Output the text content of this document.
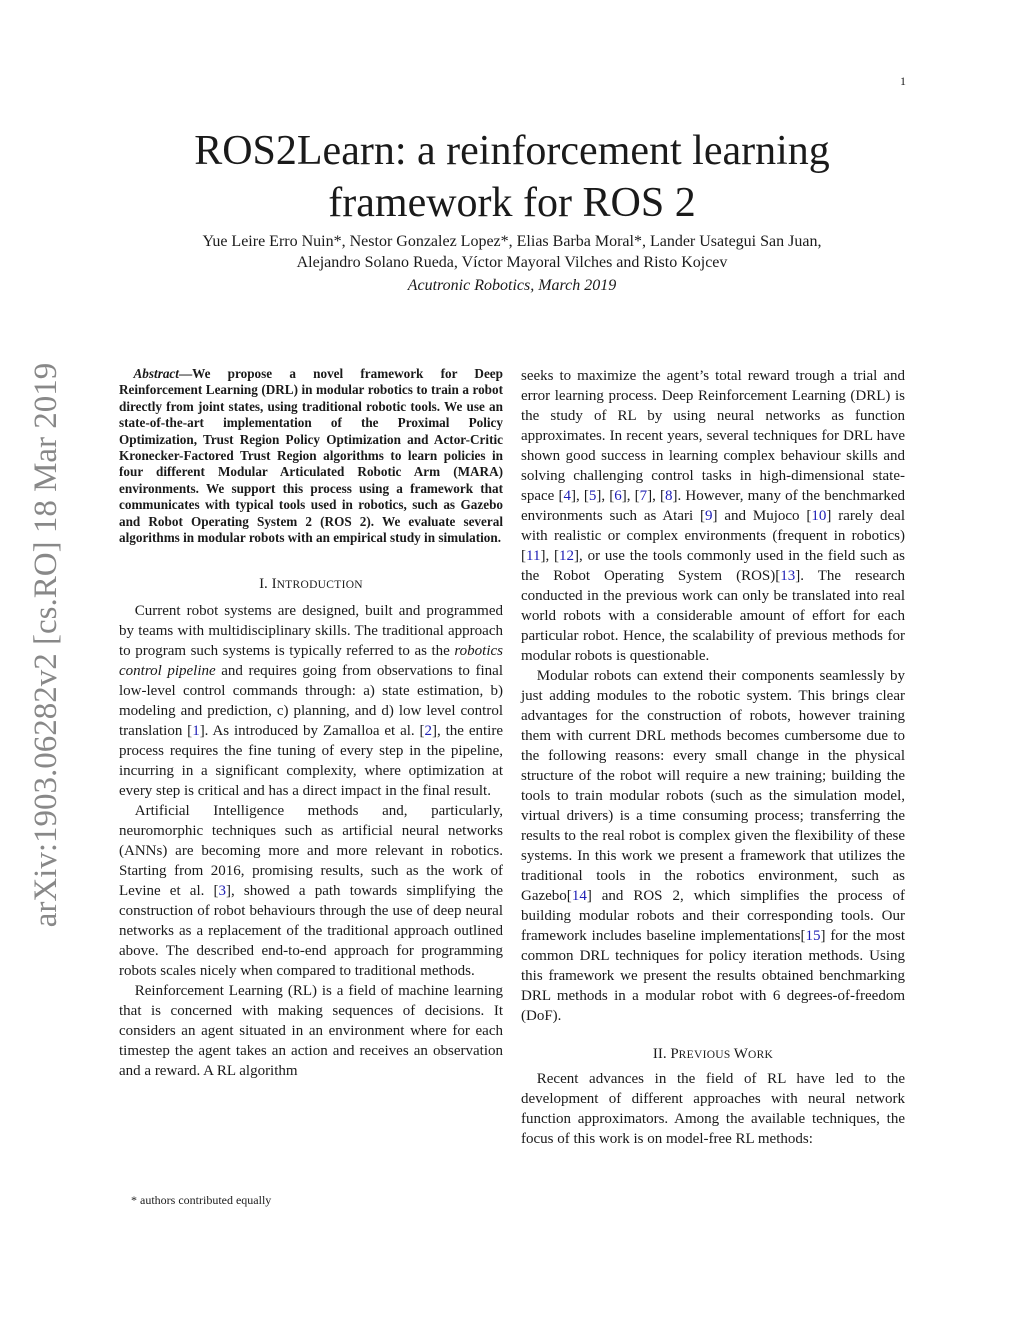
1
arXiv:1903.06282v2 [cs.RO] 18 Mar 2019
ROS2Learn: a reinforcement learning
framework for ROS 2
Yue Leire Erro Nuin*, Nestor Gonzalez Lopez*, Elias Barba Moral*, Lander Usategui San Juan,
Alejandro Solano Rueda, Víctor Mayoral Vilches and Risto Kojcev
Acutronic Robotics, March 2019

Abstract—We propose a novel framework for Deep Reinforcement Learning (DRL) in modular robotics to train a robot directly from joint states, using traditional robotic tools. We use an state-of-the-art implementation of the Proximal Policy Optimization, Trust Region Policy Optimization and Actor-Critic Kronecker-Factored Trust Region algorithms to learn policies in four different Modular Articulated Robotic Arm (MARA) environments. We support this process using a framework that communicates with typical tools used in robotics, such as Gazebo and Robot Operating System 2 (ROS 2). We evaluate several algorithms in modular robots with an empirical study in simulation.

I. INTRODUCTION

Current robot systems are designed, built and programmed by teams with multidisciplinary skills. The traditional approach to program such systems is typically referred to as the robotics control pipeline and requires going from observations to final low-level control commands through: a) state estimation, b) modeling and prediction, c) planning, and d) low level control translation [1]. As introduced by Zamalloa et al. [2], the entire process requires the fine tuning of every step in the pipeline, incurring in a significant complexity, where optimization at every step is critical and has a direct impact in the final result.

Artificial Intelligence methods and, particularly, neuromorphic techniques such as artificial neural networks (ANNs) are becoming more and more relevant in robotics. Starting from 2016, promising results, such as the work of Levine et al. [3], showed a path towards simplifying the construction of robot behaviours through the use of deep neural networks as a replacement of the traditional approach outlined above. The described end-to-end approach for programming robots scales nicely when compared to traditional methods.

Reinforcement Learning (RL) is a field of machine learning that is concerned with making sequences of decisions. It considers an agent situated in an environment where for each timestep the agent takes an action and receives an observation and a reward. A RL algorithm

* authors contributed equally

seeks to maximize the agent’s total reward trough a trial and error learning process. Deep Reinforcement Learning (DRL) is the study of RL by using neural networks as function approximates. In recent years, several techniques for DRL have shown good success in learning complex behaviour skills and solving challenging control tasks in high-dimensional state-space [4], [5], [6], [7], [8]. However, many of the benchmarked environments such as Atari [9] and Mujoco [10] rarely deal with realistic or complex environments (frequent in robotics) [11], [12], or use the tools commonly used in the field such as the Robot Operating System (ROS)[13]. The research conducted in the previous work can only be translated into real world robots with a considerable amount of effort for each particular robot. Hence, the scalability of previous methods for modular robots is questionable.

Modular robots can extend their components seamlessly by just adding modules to the robotic system. This brings clear advantages for the construction of robots, however training them with current DRL methods becomes cumbersome due to the following reasons: every small change in the physical structure of the robot will require a new training; building the tools to train modular robots (such as the simulation model, virtual drivers) is a time consuming process; transferring the results to the real robot is complex given the flexibility of these systems. In this work we present a framework that utilizes the traditional tools in the robotics environment, such as Gazebo[14] and ROS 2, which simplifies the process of building modular robots and their corresponding tools. Our framework includes baseline implementations[15] for the most common DRL techniques for policy iteration methods. Using this framework we present the results obtained benchmarking DRL methods in a modular robot with 6 degrees-of-freedom (DoF).

II. PREVIOUS WORK

Recent advances in the field of RL have led to the development of different approaches with neural network function approximators. Among the available techniques, the focus of this work is on model-free RL methods:
